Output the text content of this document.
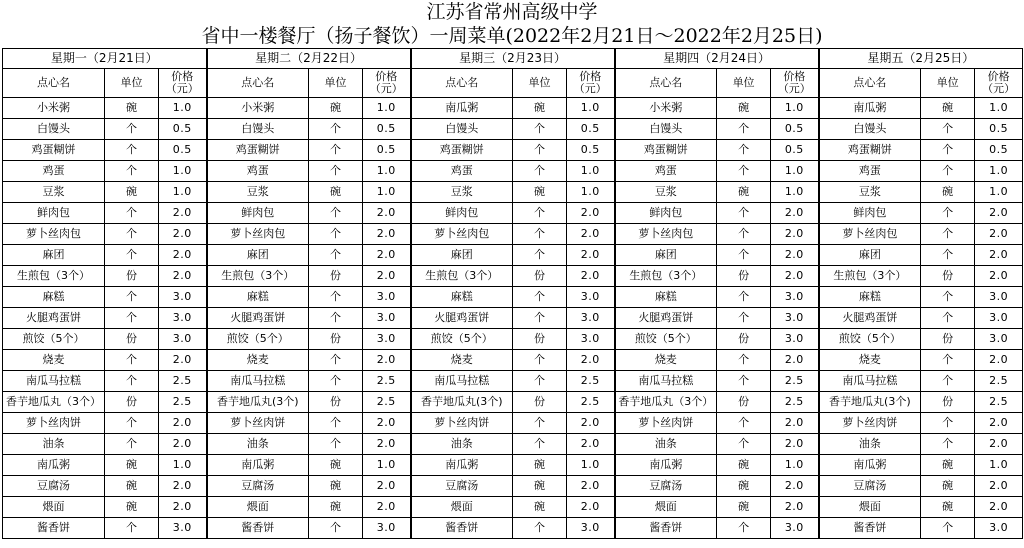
江苏省常州高级中学
省中一楼餐厅（扬子餐饮）一周菜单(2022年2月21日～2022年2月25日)
星期一（2月21日）			星期二（2月22日）			星期三（2月23日）			星期四（2月24日）			星期五（2月25日）		
点心名	单位	价格（元）	点心名	单位	价格（元）	点心名	单位	价格（元）	点心名	单位	价格（元）	点心名	单位	价格（元）
小米粥	碗	1.0	小米粥	碗	1.0	南瓜粥	碗	1.0	小米粥	碗	1.0	南瓜粥	碗	1.0
白馒头	个	0.5	白馒头	个	0.5	白馒头	个	0.5	白馒头	个	0.5	白馒头	个	0.5
鸡蛋糊饼	个	0.5	鸡蛋糊饼	个	0.5	鸡蛋糊饼	个	0.5	鸡蛋糊饼	个	0.5	鸡蛋糊饼	个	0.5
鸡蛋	个	1.0	鸡蛋	个	1.0	鸡蛋	个	1.0	鸡蛋	个	1.0	鸡蛋	个	1.0
豆浆	碗	1.0	豆浆	碗	1.0	豆浆	碗	1.0	豆浆	碗	1.0	豆浆	碗	1.0
鲜肉包	个	2.0	鲜肉包	个	2.0	鲜肉包	个	2.0	鲜肉包	个	2.0	鲜肉包	个	2.0
萝卜丝肉包	个	2.0	萝卜丝肉包	个	2.0	萝卜丝肉包	个	2.0	萝卜丝肉包	个	2.0	萝卜丝肉包	个	2.0
麻团	个	2.0	麻团	个	2.0	麻团	个	2.0	麻团	个	2.0	麻团	个	2.0
生煎包（3个）	份	2.0	生煎包（3个）	份	2.0	生煎包（3个）	份	2.0	生煎包（3个）	份	2.0	生煎包（3个）	份	2.0
麻糕	个	3.0	麻糕	个	3.0	麻糕	个	3.0	麻糕	个	3.0	麻糕	个	3.0
火腿鸡蛋饼	个	3.0	火腿鸡蛋饼	个	3.0	火腿鸡蛋饼	个	3.0	火腿鸡蛋饼	个	3.0	火腿鸡蛋饼	个	3.0
煎饺（5个）	份	3.0	煎饺（5个）	份	3.0	煎饺（5个）	份	3.0	煎饺（5个）	份	3.0	煎饺（5个）	份	3.0
烧麦	个	2.0	烧麦	个	2.0	烧麦	个	2.0	烧麦	个	2.0	烧麦	个	2.0
南瓜马拉糕	个	2.5	南瓜马拉糕	个	2.5	南瓜马拉糕	个	2.5	南瓜马拉糕	个	2.5	南瓜马拉糕	个	2.5
香芋地瓜丸（3个）	份	2.5	香芋地瓜丸(3个)	份	2.5	香芋地瓜丸(3个)	份	2.5	香芋地瓜丸（3个）	份	2.5	香芋地瓜丸(3个)	份	2.5
萝卜丝肉饼	个	2.0	萝卜丝肉饼	个	2.0	萝卜丝肉饼	个	2.0	萝卜丝肉饼	个	2.0	萝卜丝肉饼	个	2.0
油条	个	2.0	油条	个	2.0	油条	个	2.0	油条	个	2.0	油条	个	2.0
南瓜粥	碗	1.0	南瓜粥	碗	1.0	南瓜粥	碗	1.0	南瓜粥	碗	1.0	南瓜粥	碗	1.0
豆腐汤	碗	2.0	豆腐汤	碗	2.0	豆腐汤	碗	2.0	豆腐汤	碗	2.0	豆腐汤	碗	2.0
煨面	碗	2.0	煨面	碗	2.0	煨面	碗	2.0	煨面	碗	2.0	煨面	碗	2.0
酱香饼	个	3.0	酱香饼	个	3.0	酱香饼	个	3.0	酱香饼	个	3.0	酱香饼	个	3.0
